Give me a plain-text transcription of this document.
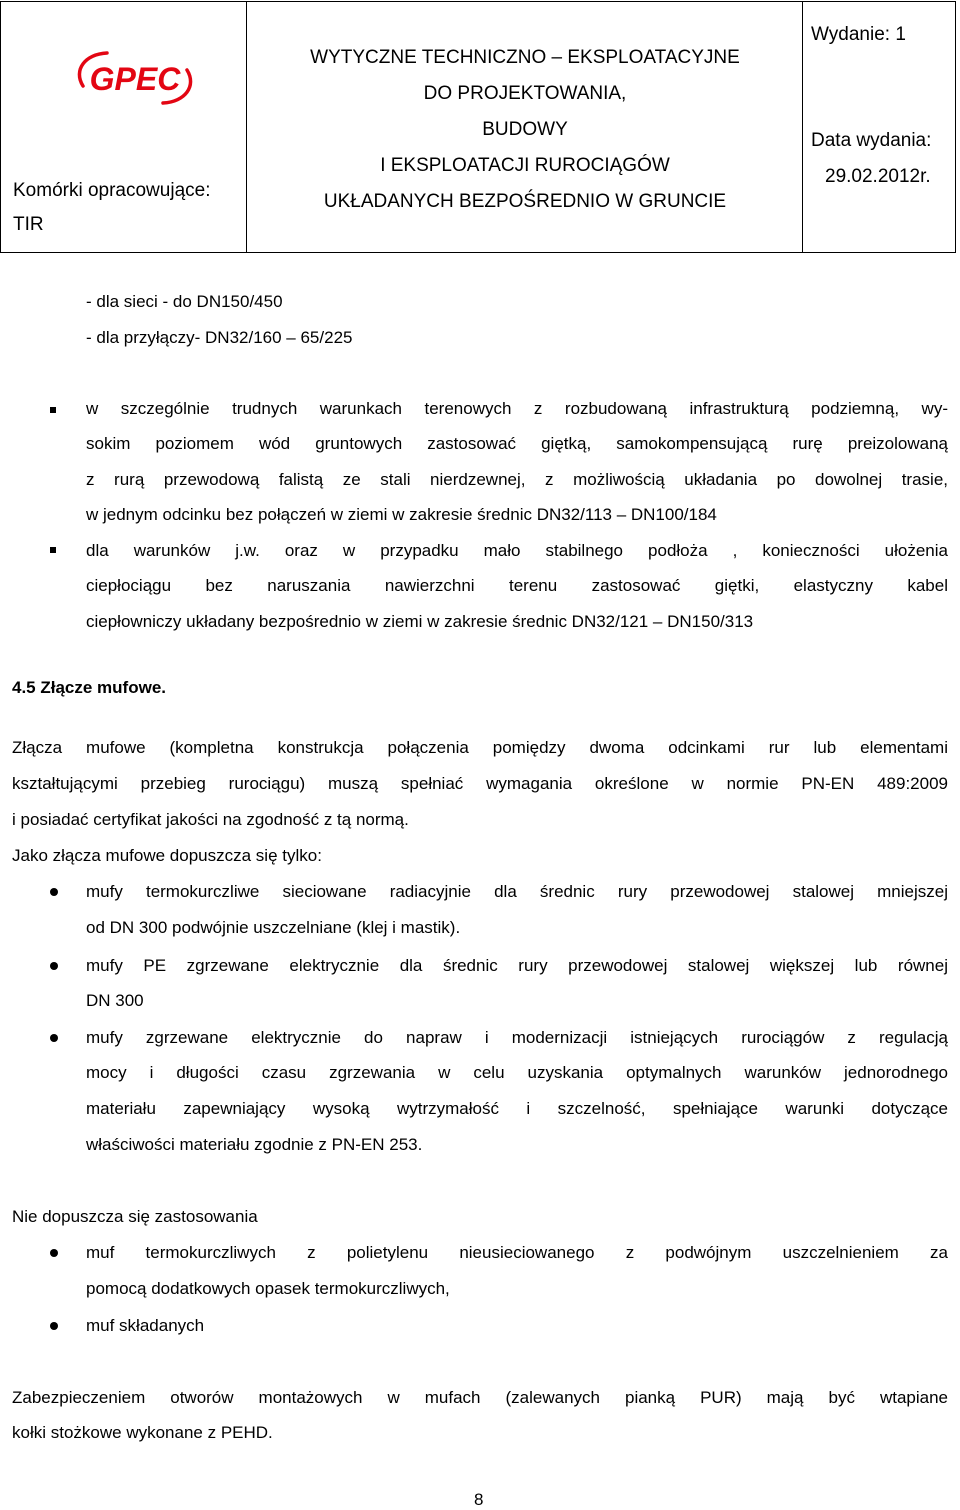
GPEC
Komórki opracowujące:
TIR
WYTYCZNE TECHNICZNO – EKSPLOATACYJNE
DO PROJEKTOWANIA,
BUDOWY
I EKSPLOATACJI RUROCIĄGÓW
UKŁADANYCH BEZPOŚREDNIO W GRUNCIE
Wydanie: 1
Data wydania:
29.02.2012r.
- dla sieci - do DN150/450
- dla przyłączy- DN32/160 – 65/225
w szczególnie trudnych warunkach terenowych z rozbudowaną infrastrukturą podziemną, wy-
sokim poziomem wód gruntowych zastosować giętką, samokompensującą rurę preizolowaną
z rurą przewodową falistą ze stali nierdzewnej, z możliwością układania po dowolnej trasie,
w jednym odcinku bez połączeń w ziemi w zakresie średnic DN32/113 – DN100/184
dla warunków j.w. oraz w przypadku mało stabilnego podłoża , konieczności ułożenia
ciepłociągu bez naruszania nawierzchni terenu zastosować giętki, elastyczny kabel
ciepłowniczy układany bezpośrednio w ziemi w zakresie średnic DN32/121 – DN150/313
4.5 Złącze mufowe.
Złącza mufowe (kompletna konstrukcja połączenia pomiędzy dwoma odcinkami rur lub elementami
kształtującymi przebieg rurociągu) muszą spełniać wymagania określone w normie PN-EN 489:2009
i posiadać certyfikat jakości na zgodność z tą normą.
Jako złącza mufowe dopuszcza się tylko:
mufy termokurczliwe sieciowane radiacyjnie dla średnic rury przewodowej stalowej mniejszej
od DN 300 podwójnie uszczelniane (klej i mastik).
mufy PE zgrzewane elektrycznie dla średnic rury przewodowej stalowej większej lub równej
DN 300
mufy zgrzewane elektrycznie do napraw i modernizacji istniejących rurociągów z regulacją
mocy i długości czasu zgrzewania w celu uzyskania optymalnych warunków jednorodnego
materiału zapewniający wysoką wytrzymałość i szczelność, spełniające warunki dotyczące
właściwości materiału zgodnie z PN-EN 253.
Nie dopuszcza się zastosowania
muf termokurczliwych z polietylenu nieusieciowanego z podwójnym uszczelnieniem za
pomocą dodatkowych opasek termokurczliwych,
muf składanych
Zabezpieczeniem otworów montażowych w mufach (zalewanych pianką PUR) mają być wtapiane
kołki stożkowe wykonane z PEHD.
8
